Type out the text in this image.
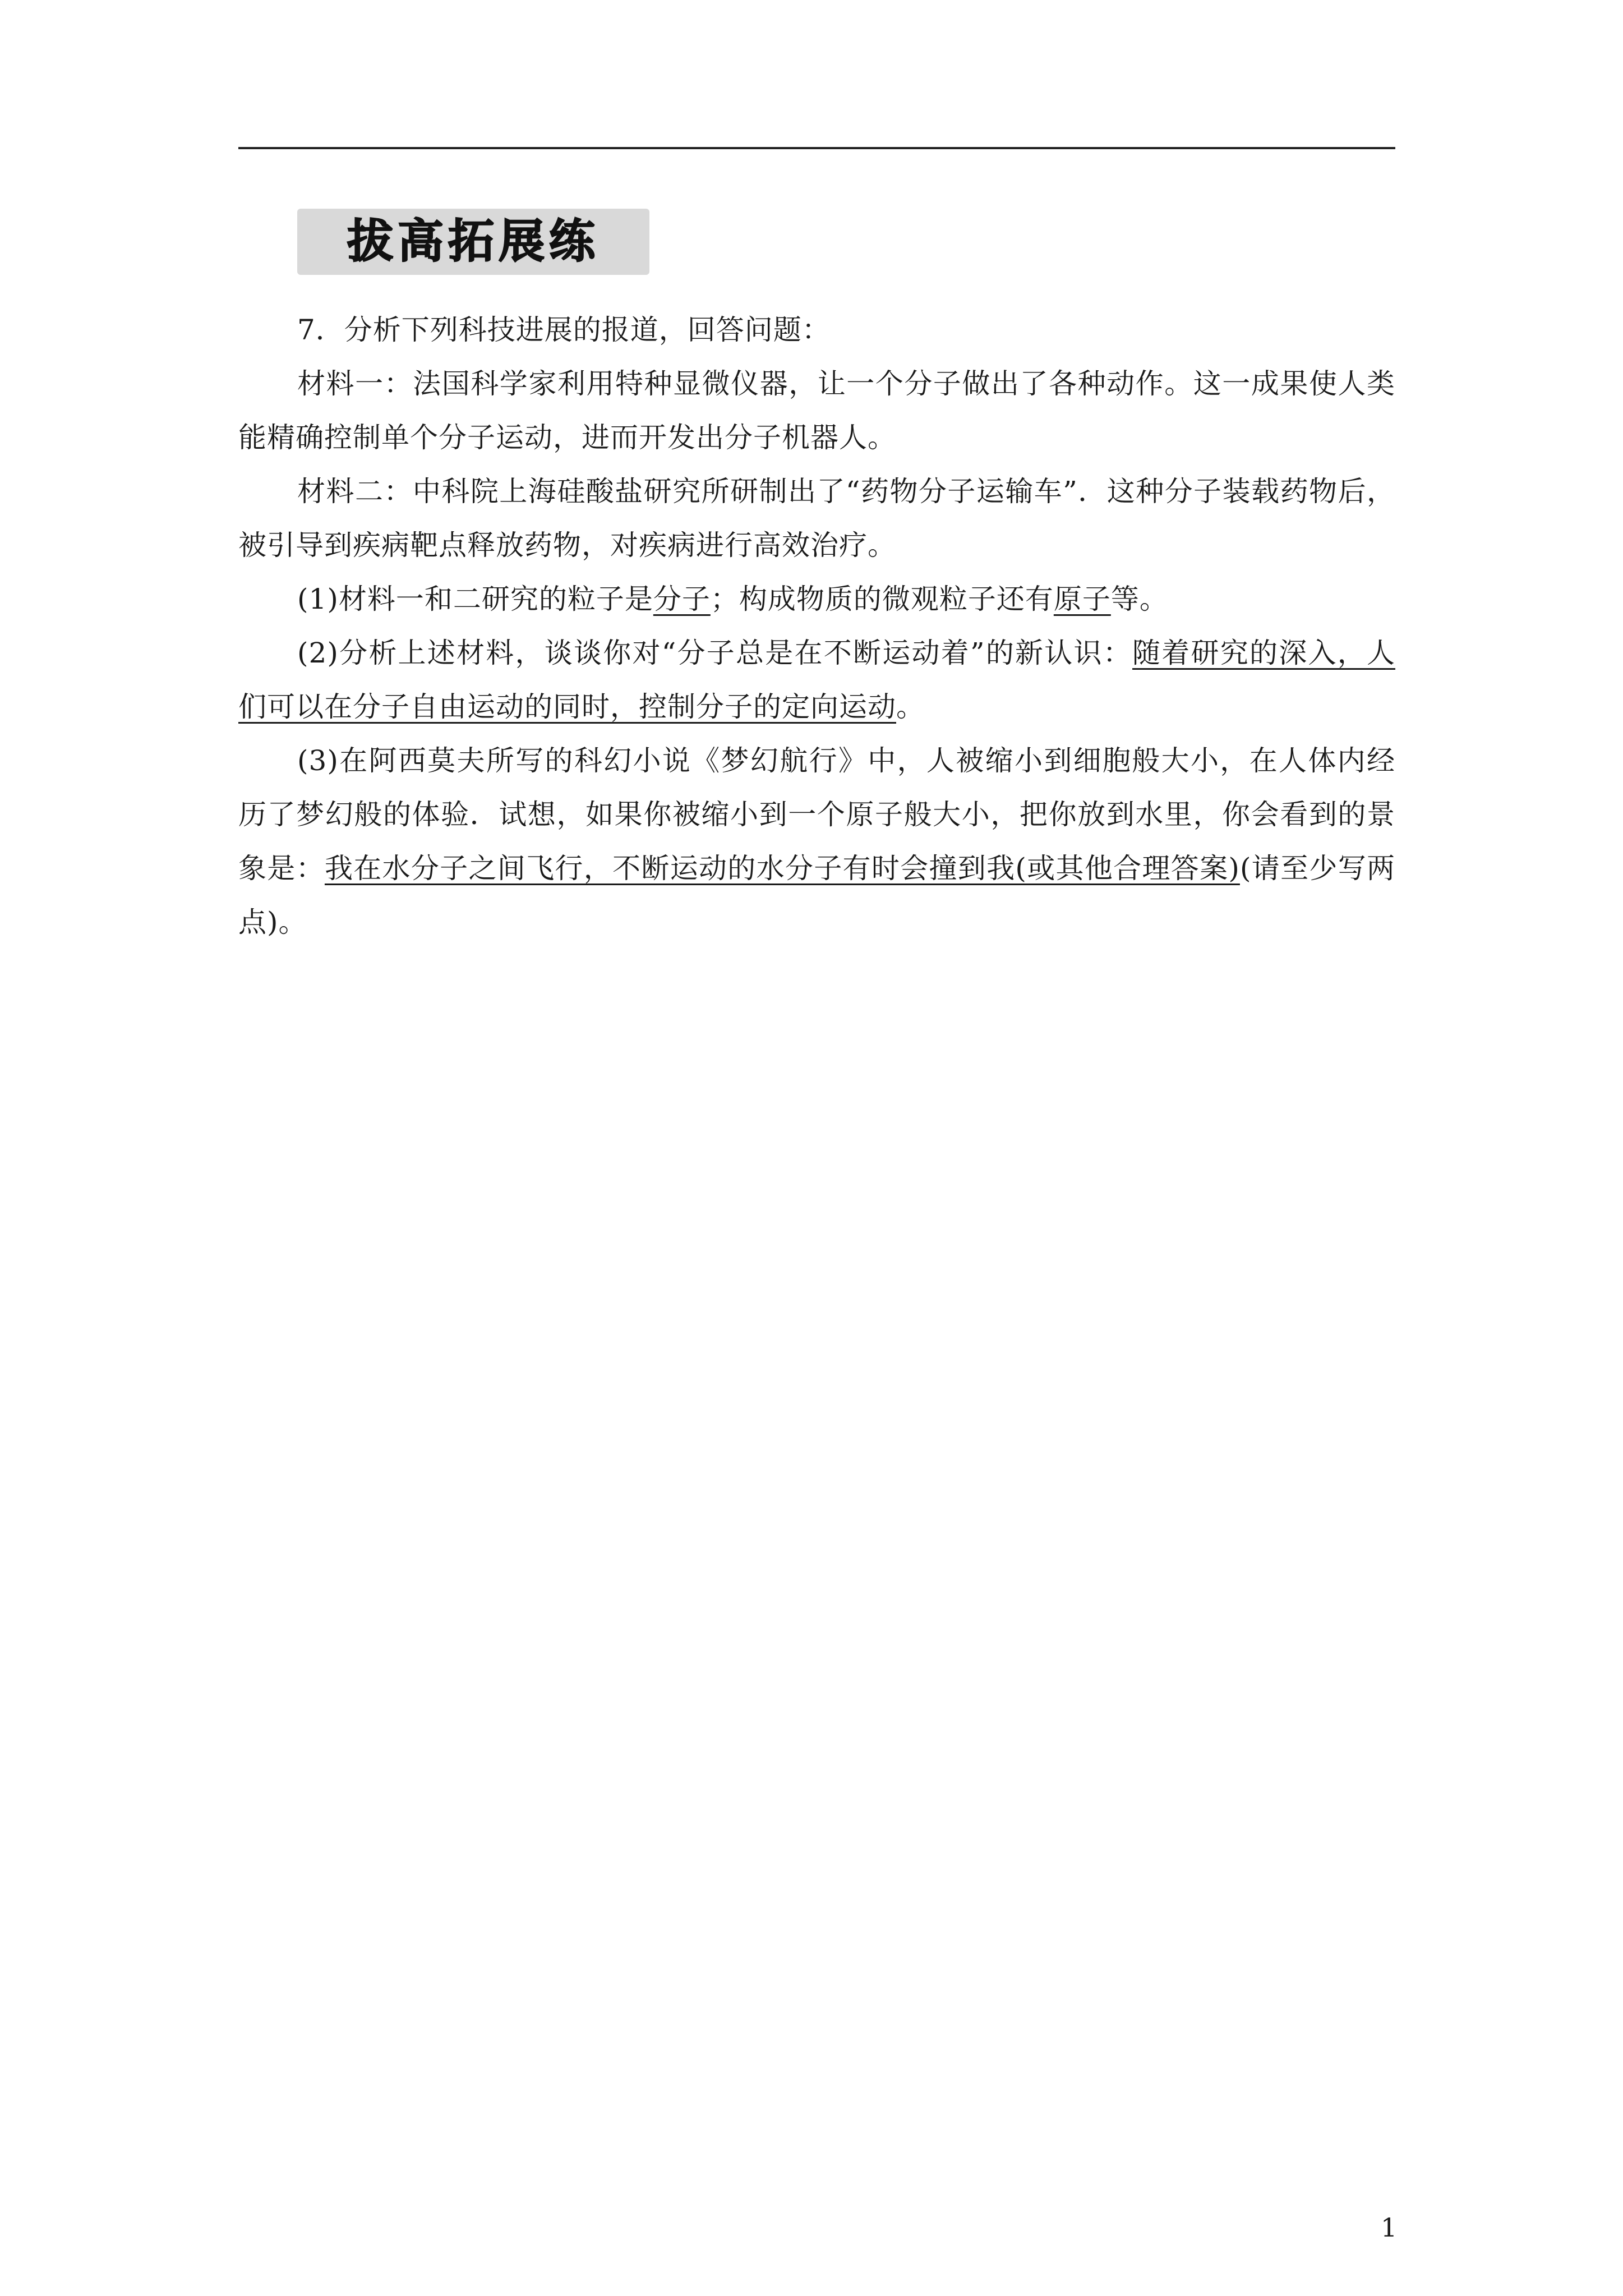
拔高拓展练

7．分析下列科技进展的报道，回答问题：

材料一：法国科学家利用特种显微仪器，让一个分子做出了各种动作。这一成果使人类能精确控制单个分子运动，进而开发出分子机器人。

材料二：中科院上海硅酸盐研究所研制出了“药物分子运输车”．这种分子装载药物后，被引导到疾病靶点释放药物，对疾病进行高效治疗。

(1)材料一和二研究的粒子是分子；构成物质的微观粒子还有原子等。

(2)分析上述材料，谈谈你对“分子总是在不断运动着”的新认识：随着研究的深入，人们可以在分子自由运动的同时，控制分子的定向运动。

(3)在阿西莫夫所写的科幻小说《梦幻航行》中，人被缩小到细胞般大小，在人体内经历了梦幻般的体验．试想，如果你被缩小到一个原子般大小，把你放到水里，你会看到的景象是：我在水分子之间飞行，不断运动的水分子有时会撞到我(或其他合理答案)(请至少写两点)。

1
